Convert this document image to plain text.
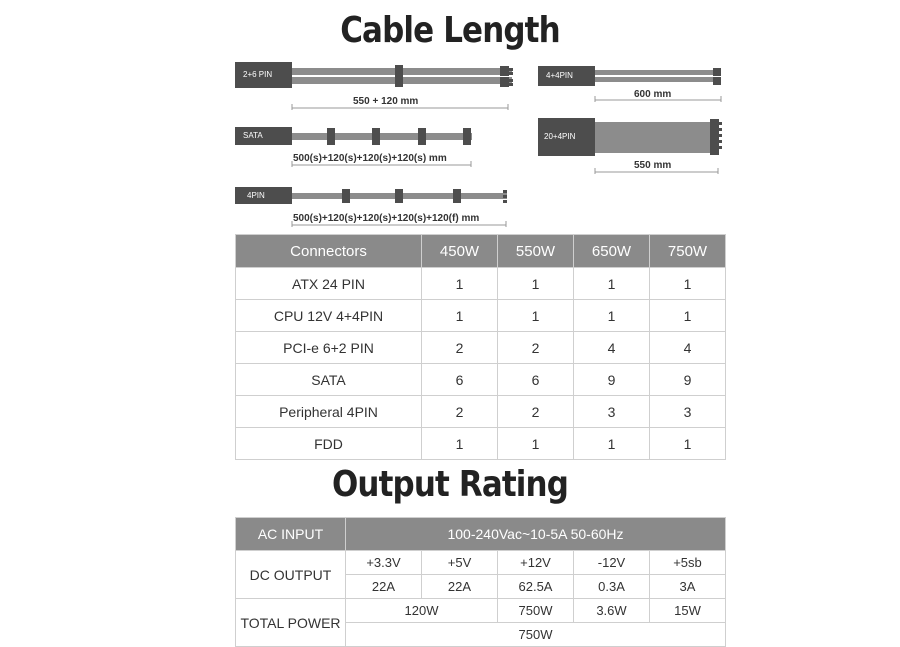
Cable Length
2+6 PIN
550 + 120 mm
SATA
500(s)+120(s)+120(s)+120(s) mm
4PIN
500(s)+120(s)+120(s)+120(s)+120(f) mm
4+4PIN
600 mm
20+4PIN
550 mm
Connectors	450W	550W	650W	750W
ATX 24 PIN	1	1	1	1
CPU 12V 4+4PIN	1	1	1	1
PCI-e 6+2 PIN	2	2	4	4
SATA	6	6	9	9
Peripheral 4PIN	2	2	3	3
FDD	1	1	1	1
Output Rating
AC INPUT	100-240Vac~10-5A 50-60Hz				
DC OUTPUT	+3.3V	+5V	+12V	-12V	+5sb
	22A	22A	62.5A	0.3A	3A
TOTAL POWER	120W		750W	3.6W	15W
	750W				
